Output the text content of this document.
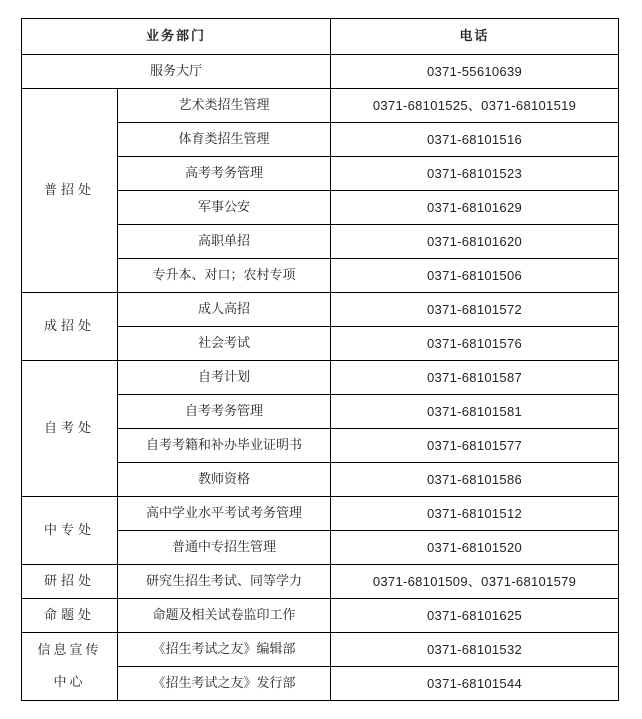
业务部门		电话
服务大厅		0371-55610639
普招处	艺术类招生管理	0371-68101525、0371-68101519
	体育类招生管理	0371-68101516
	高考考务管理	0371-68101523
	军事公安	0371-68101629
	高职单招	0371-68101620
	专升本、对口；农村专项	0371-68101506
成招处	成人高招	0371-68101572
	社会考试	0371-68101576
自考处	自考计划	0371-68101587
	自考考务管理	0371-68101581
	自考考籍和补办毕业证明书	0371-68101577
	教师资格	0371-68101586
中专处	高中学业水平考试考务管理	0371-68101512
	普通中专招生管理	0371-68101520
研招处	研究生招生考试、同等学力	0371-68101509、0371-68101579
命题处	命题及相关试卷监印工作	0371-68101625

信息宣传
中心	《招生考试之友》编辑部	0371-68101532
	《招生考试之友》发行部	0371-68101544
